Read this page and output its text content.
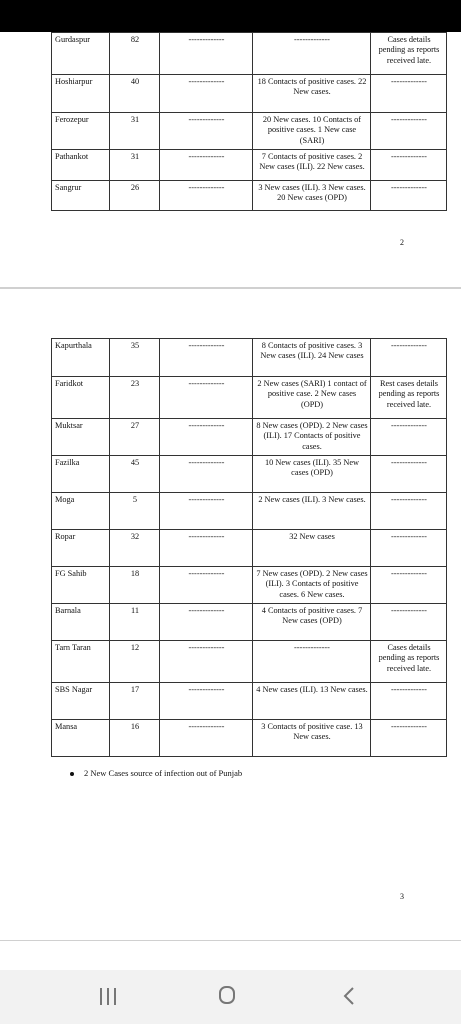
Gurdaspur	82	-------------	-------------	Cases details pending as reports received late.
Hoshiarpur	40	-------------	18 Contacts of positive cases. 22 New cases.	-------------
Ferozepur	31	-------------	20 New cases. 10 Contacts of positive cases. 1 New case (SARI)	-------------
Pathankot	31	-------------	7 Contacts of positive cases. 2 New cases (ILI). 22 New cases.	-------------
Sangrur	26	-------------	3 New cases (ILI). 3 New cases. 20 New cases (OPD)	-------------
2
Kapurthala	35	-------------	8 Contacts of positive cases. 3 New cases (ILI). 24 New cases	-------------
Faridkot	23	-------------	2 New cases (SARI) 1 contact of positive case. 2 New cases (OPD)	Rest cases details pending as reports received late.
Muktsar	27	-------------	8 New cases (OPD). 2 New cases (ILI). 17 Contacts of positive cases.	-------------
Fazilka	45	-------------	10 New cases (ILI). 35 New cases (OPD)	-------------
Moga	5	-------------	2 New cases (ILI). 3 New cases.	-------------
Ropar	32	-------------	32 New cases	-------------
FG Sahib	18	-------------	7 New cases (OPD). 2 New cases (ILI). 3 Contacts of positive cases. 6 New cases.	-------------
Barnala	11	-------------	4 Contacts of positive cases. 7 New cases (OPD)	-------------
Tarn Taran	12	-------------	-------------	Cases details pending as reports received late.
SBS Nagar	17	-------------	4 New cases (ILI). 13 New cases.	-------------
Mansa	16	-------------	3 Contacts of positive case. 13 New cases.	-------------
2 New Cases source of infection out of Punjab
3
